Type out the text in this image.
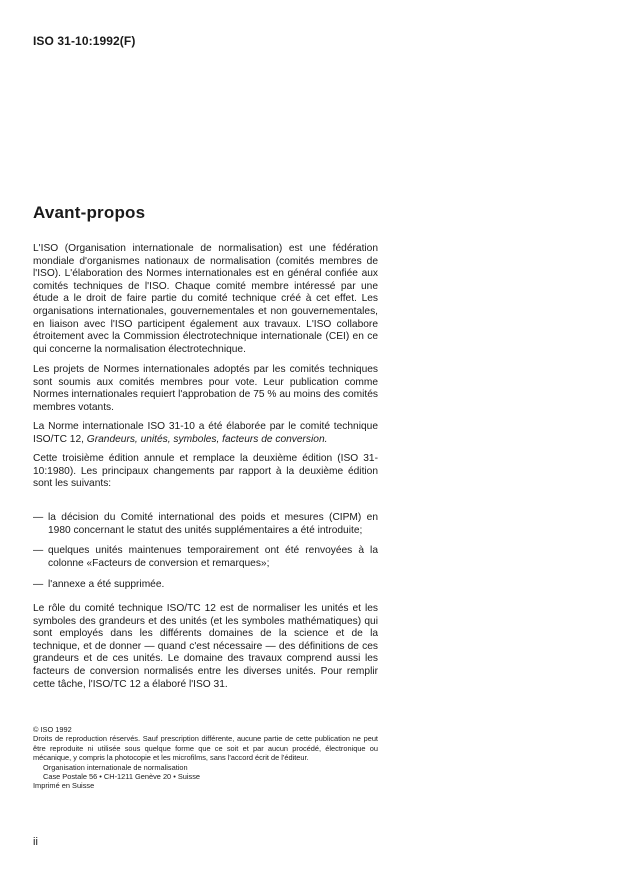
ISO 31-10:1992(F)
Avant-propos
L'ISO (Organisation internationale de normalisation) est une fédération mondiale d'organismes nationaux de normalisation (comités membres de l'ISO). L'élaboration des Normes internationales est en général confiée aux comités techniques de l'ISO. Chaque comité membre intéressé par une étude a le droit de faire partie du comité technique créé à cet effet. Les organisations internationales, gouvernementales et non gouvernementales, en liaison avec l'ISO participent également aux travaux. L'ISO collabore étroitement avec la Commission électrotechnique internationale (CEI) en ce qui concerne la normalisation électrotechnique.
Les projets de Normes internationales adoptés par les comités techniques sont soumis aux comités membres pour vote. Leur publication comme Normes internationales requiert l'approbation de 75 % au moins des comités membres votants.
La Norme internationale ISO 31-10 a été élaborée par le comité technique ISO/TC 12, Grandeurs, unités, symboles, facteurs de conversion.
Cette troisième édition annule et remplace la deuxième édition (ISO 31-10:1980). Les principaux changements par rapport à la deuxième édition sont les suivants:
— la décision du Comité international des poids et mesures (CIPM) en 1980 concernant le statut des unités supplémentaires a été introduite;
— quelques unités maintenues temporairement ont été renvoyées à la colonne «Facteurs de conversion et remarques»;
— l'annexe a été supprimée.
Le rôle du comité technique ISO/TC 12 est de normaliser les unités et les symboles des grandeurs et des unités (et les symboles mathématiques) qui sont employés dans les différents domaines de la science et de la technique, et de donner — quand c'est nécessaire — des définitions de ces grandeurs et de ces unités. Le domaine des travaux comprend aussi les facteurs de conversion normalisés entre les diverses unités. Pour remplir cette tâche, l'ISO/TC 12 a élaboré l'ISO 31.
© ISO 1992
Droits de reproduction réservés. Sauf prescription différente, aucune partie de cette publication ne peut être reproduite ni utilisée sous quelque forme que ce soit et par aucun procédé, électronique ou mécanique, y compris la photocopie et les microfilms, sans l'accord écrit de l'éditeur.
Organisation internationale de normalisation
Case Postale 56 • CH-1211 Genève 20 • Suisse
Imprimé en Suisse
ii
